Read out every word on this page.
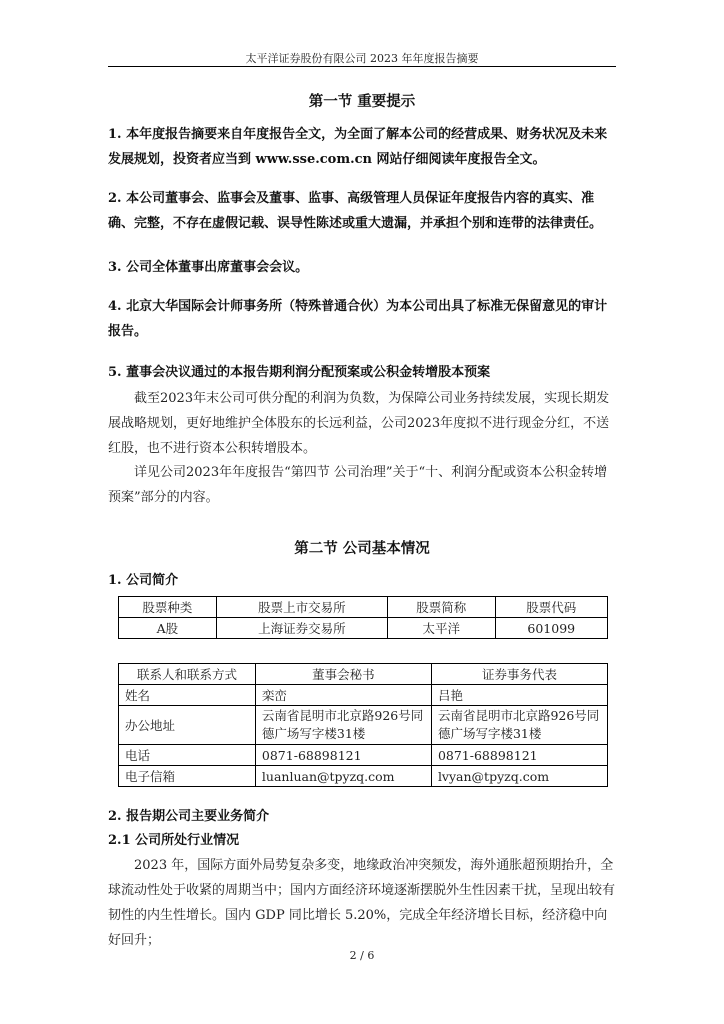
太平洋证券股份有限公司 2023 年年度报告摘要
第一节 重要提示
1. 本年度报告摘要来自年度报告全文，为全面了解本公司的经营成果、财务状况及未来发展规划，投资者应当到 www.sse.com.cn 网站仔细阅读年度报告全文。
2. 本公司董事会、监事会及董事、监事、高级管理人员保证年度报告内容的真实、准确、完整，不存在虚假记载、误导性陈述或重大遗漏，并承担个别和连带的法律责任。
3. 公司全体董事出席董事会会议。
4. 北京大华国际会计师事务所（特殊普通合伙）为本公司出具了标准无保留意见的审计报告。
5. 董事会决议通过的本报告期利润分配预案或公积金转增股本预案
截至2023年末公司可供分配的利润为负数，为保障公司业务持续发展，实现长期发展战略规划，更好地维护全体股东的长远利益，公司2023年度拟不进行现金分红，不送红股，也不进行资本公积转增股本。
详见公司2023年年度报告“第四节 公司治理”关于“十、利润分配或资本公积金转增预案”部分的内容。
第二节 公司基本情况
1. 公司简介
股票种类	股票上市交易所	股票简称	股票代码
A股	上海证券交易所	太平洋	601099
联系人和联系方式	董事会秘书	证券事务代表
姓名	栾峦	吕艳
办公地址	云南省昆明市北京路926号同德广场写字楼31楼	云南省昆明市北京路926号同德广场写字楼31楼
电话	0871-68898121	0871-68898121
电子信箱	luanluan@tpyzq.com	lvyan@tpyzq.com
2. 报告期公司主要业务简介
2.1 公司所处行业情况
2023 年，国际方面外局势复杂多变，地缘政治冲突频发，海外通胀超预期抬升，全球流动性处于收紧的周期当中；国内方面经济环境逐渐摆脱外生性因素干扰，呈现出较有韧性的内生性增长。国内 GDP 同比增长 5.20%，完成全年经济增长目标，经济稳中向好回升；
2 / 6
